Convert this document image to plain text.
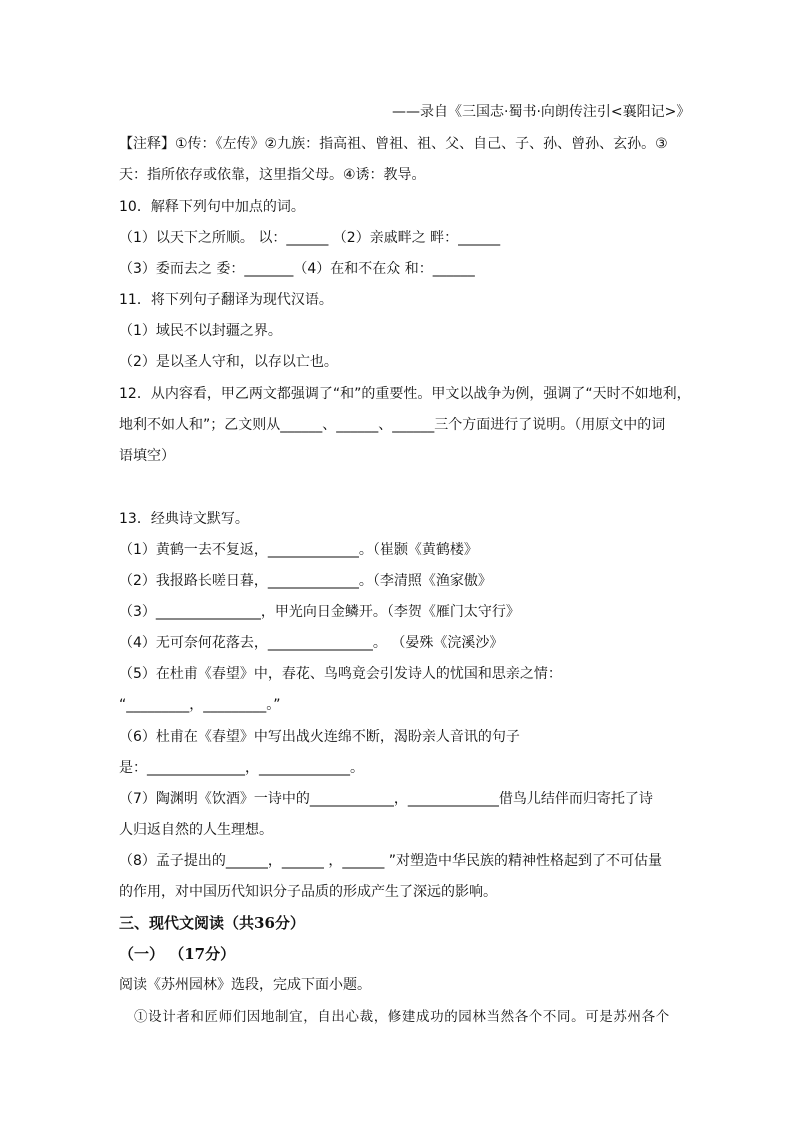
——录自《三国志·蜀书·向朗传注引<襄阳记>》
【注释】①传：《左传》②九族：指高祖、曾祖、祖、父、自己、子、孙、曾孙、玄孙。③
天：指所依存或依靠，这里指父母。④诱：教导。
10．解释下列句中加点的词。
（1）以天下之所顺。 以：______ （2）亲戚畔之 畔：______
（3）委而去之 委：_______（4）在和不在众 和：______
11．将下列句子翻译为现代汉语。
（1）域民不以封疆之界。
（2）是以圣人守和，以存以亡也。
12．从内容看，甲乙两文都强调了“和”的重要性。甲文以战争为例，强调了“天时不如地利，
地利不如人和”；乙文则从______、______、______三个方面进行了说明。（用原文中的词
语填空）
13．经典诗文默写。
（1）黄鹤一去不复返，_____________。（崔颢《黄鹤楼》
（2）我报路长嗟日暮，_____________。（李清照《渔家傲》
（3）_______________，甲光向日金鳞开。（李贺《雁门太守行》
（4）无可奈何花落去，_______________。 （晏殊《浣溪沙》
（5）在杜甫《春望》中，春花、鸟鸣竟会引发诗人的忧国和思亲之情：
“_________，_________。”
（6）杜甫在《春望》中写出战火连绵不断，渴盼亲人音讯的句子
是：______________，_____________。
（7）陶渊明《饮酒》一诗中的____________，_____________借鸟儿结伴而归寄托了诗
人归返自然的人生理想。
（8）孟子提出的______，______ ，______ ”对塑造中华民族的精神性格起到了不可估量
的作用，对中国历代知识分子品质的形成产生了深远的影响。
三、现代文阅读（共36分）
（一） （17分）
阅读《苏州园林》选段，完成下面小题。
①设计者和匠师们因地制宜，自出心裁，修建成功的园林当然各个不同。可是苏州各个
